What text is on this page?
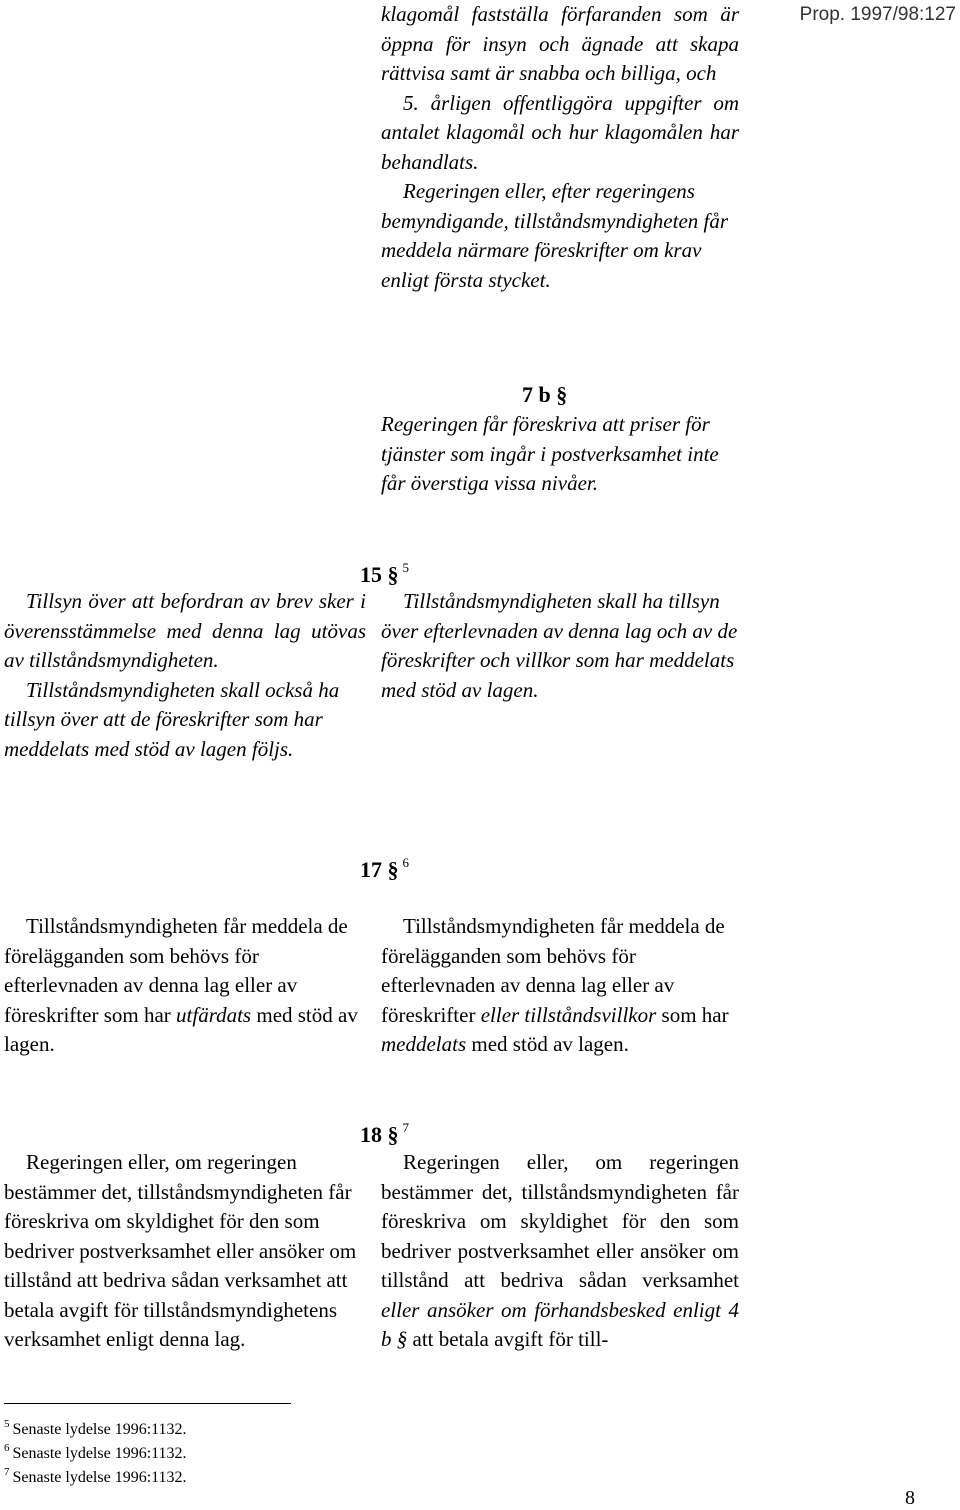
Prop. 1997/98:127

klagomål fastställa förfaranden som är öppna för insyn och ägnade att skapa rättvisa samt är snabba och billiga, och

5. årligen offentliggöra uppgifter om antalet klagomål och hur klagomålen har behandlats.

Regeringen eller, efter regeringens bemyndigande, tillståndsmyndigheten får meddela närmare föreskrifter om krav enligt första stycket.

7 b §

Regeringen får föreskriva att priser för tjänster som ingår i postverksamhet inte får överstiga vissa nivåer.

15 § $^5$

Tillsyn över att befordran av brev sker i överensstämmelse med denna lag utövas av tillståndsmyndigheten.

Tillståndsmyndigheten skall också ha tillsyn över att de föreskrifter som har meddelats med stöd av lagen följs.

Tillståndsmyndigheten skall ha tillsyn över efterlevnaden av denna lag och av de föreskrifter och villkor som har meddelats med stöd av lagen.

17 § $^6$

Tillståndsmyndigheten får meddela de förelägganden som behövs för efterlevnaden av denna lag eller av föreskrifter som har utfärdats med stöd av lagen.

Tillståndsmyndigheten får meddela de förelägganden som behövs för efterlevnaden av denna lag eller av föreskrifter eller tillståndsvillkor som har meddelats med stöd av lagen.

18 § $^7$

Regeringen eller, om regeringen bestämmer det, tillståndsmyndigheten får föreskriva om skyldighet för den som bedriver postverksamhet eller ansöker om tillstånd att bedriva sådan verksamhet att betala avgift för tillståndsmyndighetens verksamhet enligt denna lag.

Regeringen eller, om regeringen bestämmer det, tillståndsmyndigheten får föreskriva om skyldighet för den som bedriver postverksamhet eller ansöker om tillstånd att bedriva sådan verksamhet eller ansöker om förhandsbesked enligt 4 b § att betala avgift för till-

$^5$ Senaste lydelse 1996:1132.
$^6$ Senaste lydelse 1996:1132.
$^7$ Senaste lydelse 1996:1132.
8
